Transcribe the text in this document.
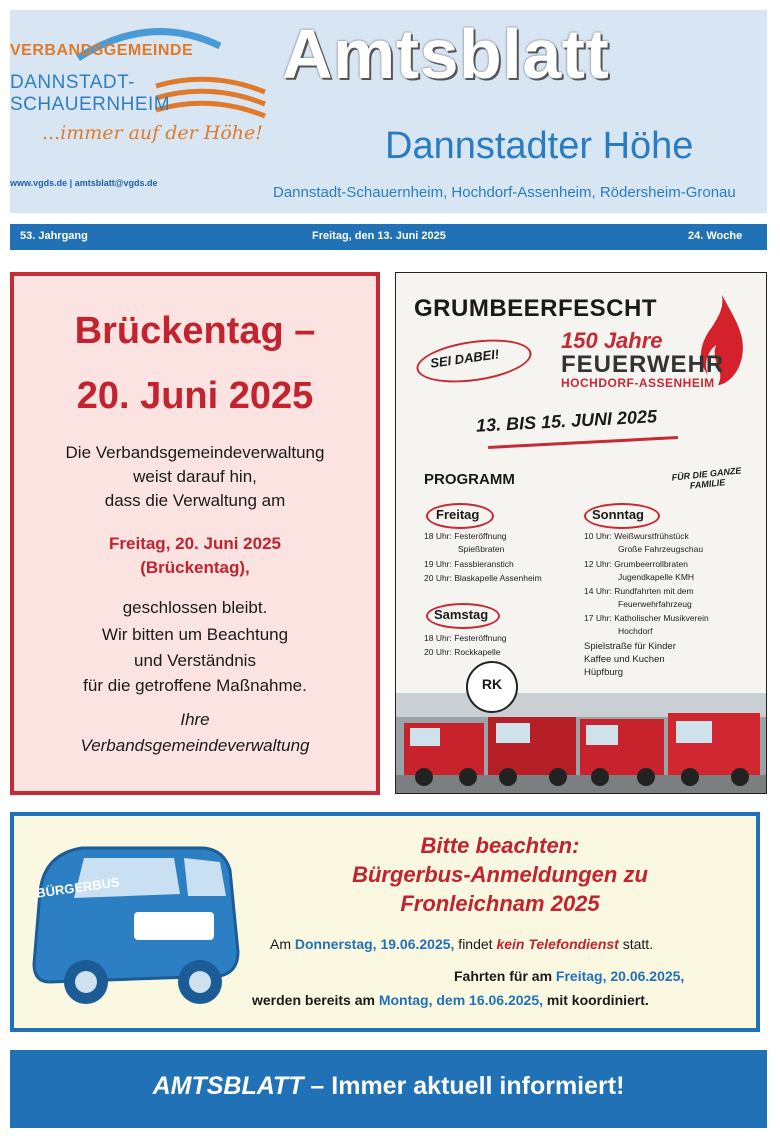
VERBANDSGEMEINDE
DANNSTADT-
SCHAUERNHEIM
...immer auf der Höhe!
www.vgds.de | amtsblatt@vgds.de
Amtsblatt
Dannstadter Höhe
Dannstadt-Schauernheim, Hochdorf-Assenheim, Rödersheim-Gronau
53. Jahrgang	Freitag, den 13. Juni 2025	24. Woche
Brückentag –
20. Juni 2025
Die Verbandsgemeindeverwaltung
weist darauf hin,
dass die Verwaltung am
Freitag, 20. Juni 2025
(Brückentag),
geschlossen bleibt.
Wir bitten um Beachtung
und Verständnis
für die getroffene Maßnahme.
Ihre
Verbandsgemeindeverwaltung
GRUMBEERFESCHT
150 Jahre
FEUERWEHR
HOCHDORF-ASSENHEIM
SEI DABEI!
13. BIS 15. JUNI 2025
PROGRAMM	FÜR DIE GANZE FAMILIE
Freitag
18 Uhr: Festeröffnung
Spießbraten
19 Uhr: Fassbieranstich
20 Uhr: Blaskapelle Assenheim
Samstag
18 Uhr: Festeröffnung
20 Uhr: Rockkapelle
Sonntag
10 Uhr: Weißwurstfrühstück
Große Fahrzeugschau
12 Uhr: Grumbeerrollbraten
Jugendkapelle KMH
14 Uhr: Rundfahrten mit dem
Feuerwehrfahrzeug
17 Uhr: Katholischer Musikverein
Hochdorf
Spielstraße für Kinder
Kaffee und Kuchen
Hüpfburg
RK
BÜRGERBUS
Bitte beachten:
Bürgerbus-Anmeldungen zu
Fronleichnam 2025
Am Donnerstag, 19.06.2025, findet kein Telefondienst statt.
Fahrten für am Freitag, 20.06.2025,
werden bereits am Montag, dem 16.06.2025, mit koordiniert.
AMTSBLATT – Immer aktuell informiert!
